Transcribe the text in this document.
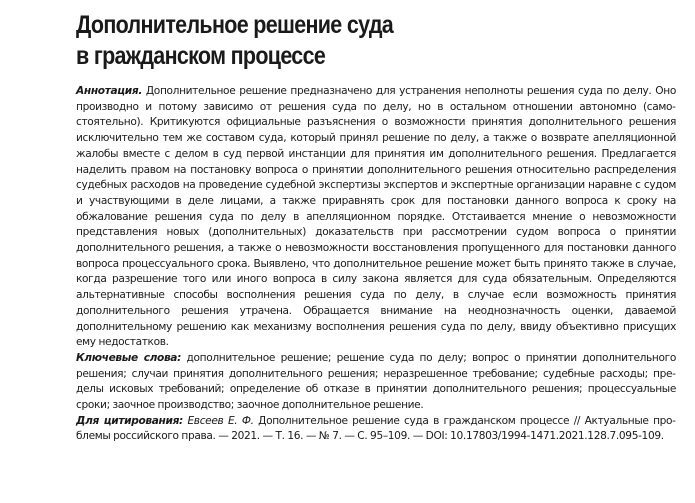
Дополнительное решение суда
в гражданском процессе

Аннотация. Дополнительное решение предназначено для устранения неполноты решения суда по делу. Оно производно и потому зависимо от решения суда по делу, но в остальном отношении автономно (самостоятельно). Критикуются официальные разъяснения о возможности принятия дополнительного решения исключительно тем же составом суда, который принял решение по делу, а также о возврате апелляционной жалобы вместе с делом в суд первой инстанции для принятия им дополнительного решения. Предлагается наделить правом на постановку вопроса о принятии дополнительного решения относительно распределения судебных расходов на проведение судебной экспертизы экспертов и экспертные организации наравне с судом и участвующими в деле лицами, а также приравнять срок для постановки данного вопроса к сроку на обжалование решения суда по делу в апелляционном порядке. Отстаивается мнение о невозможности представления новых (дополнительных) доказательств при рассмотрении судом вопроса о принятии дополнительного решения, а также о невозможности восстановления пропущенного для постановки данного вопроса процессуального срока. Выявлено, что дополнительное решение может быть принято также в случае, когда разрешение того или иного вопроса в силу закона является для суда обязательным. Определяются альтернативные способы восполнения решения суда по делу, в случае если возможность принятия дополнительного решения утрачена. Обращается внимание на неоднозначность оценки, даваемой дополнительному решению как механизму восполнения решения суда по делу, ввиду объективно присущих ему недостатков.

Ключевые слова: дополнительное решение; решение суда по делу; вопрос о принятии дополнительного решения; случаи принятия дополнительного решения; неразрешенное требование; судебные расходы; пределы исковых требований; определение об отказе в принятии дополнительного решения; процессуальные сроки; заочное производство; заочное дополнительное решение.

Для цитирования: Евсеев Е. Ф. Дополнительное решение суда в гражданском процессе // Актуальные проблемы российского права. — 2021. — Т. 16. — № 7. — С. 95–109. — DOI: 10.17803/1994-1471.2021.128.7.095-109.
